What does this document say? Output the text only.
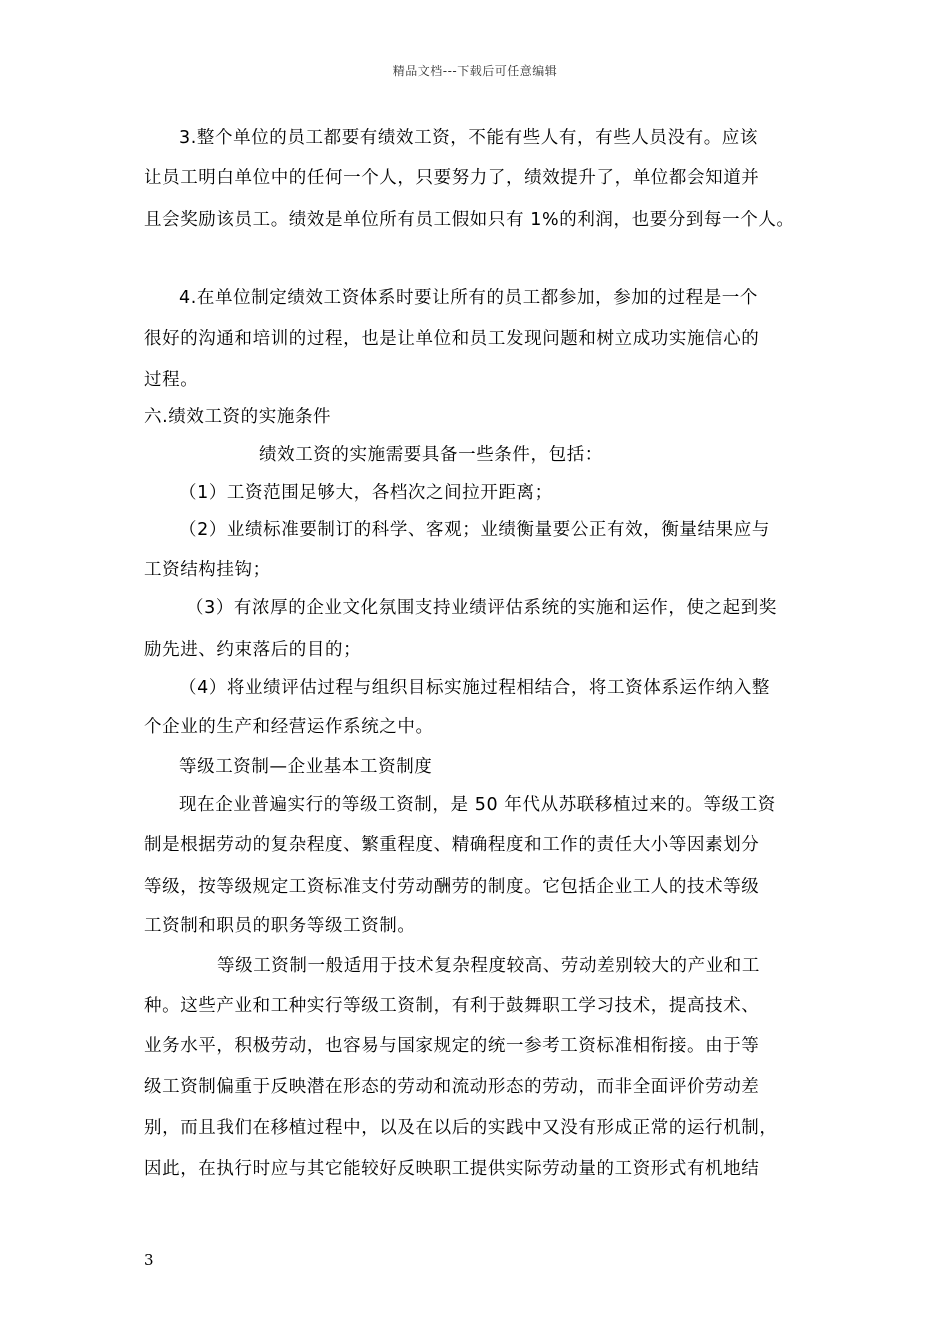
精品文档---下载后可任意编辑
3.整个单位的员工都要有绩效工资，不能有些人有，有些人员没有。应该
让员工明白单位中的任何一个人，只要努力了，绩效提升了，单位都会知道并
且会奖励该员工。绩效是单位所有员工假如只有 1%的利润，也要分到每一个人。
4.在单位制定绩效工资体系时要让所有的员工都参加，参加的过程是一个
很好的沟通和培训的过程，也是让单位和员工发现问题和树立成功实施信心的
过程。
六.绩效工资的实施条件
绩效工资的实施需要具备一些条件，包括：
（1）工资范围足够大，各档次之间拉开距离；
（2）业绩标准要制订的科学、客观；业绩衡量要公正有效，衡量结果应与
工资结构挂钩；
（3）有浓厚的企业文化氛围支持业绩评估系统的实施和运作，使之起到奖
励先进、约束落后的目的；
（4）将业绩评估过程与组织目标实施过程相结合，将工资体系运作纳入整
个企业的生产和经营运作系统之中。
等级工资制—企业基本工资制度
现在企业普遍实行的等级工资制，是 50 年代从苏联移植过来的。等级工资
制是根据劳动的复杂程度、繁重程度、精确程度和工作的责任大小等因素划分
等级，按等级规定工资标准支付劳动酬劳的制度。它包括企业工人的技术等级
工资制和职员的职务等级工资制。
等级工资制一般适用于技术复杂程度较高、劳动差别较大的产业和工
种。这些产业和工种实行等级工资制，有利于鼓舞职工学习技术，提高技术、
业务水平，积极劳动，也容易与国家规定的统一参考工资标准相衔接。由于等
级工资制偏重于反映潜在形态的劳动和流动形态的劳动，而非全面评价劳动差
别，而且我们在移植过程中，以及在以后的实践中又没有形成正常的运行机制，
因此，在执行时应与其它能较好反映职工提供实际劳动量的工资形式有机地结
3
